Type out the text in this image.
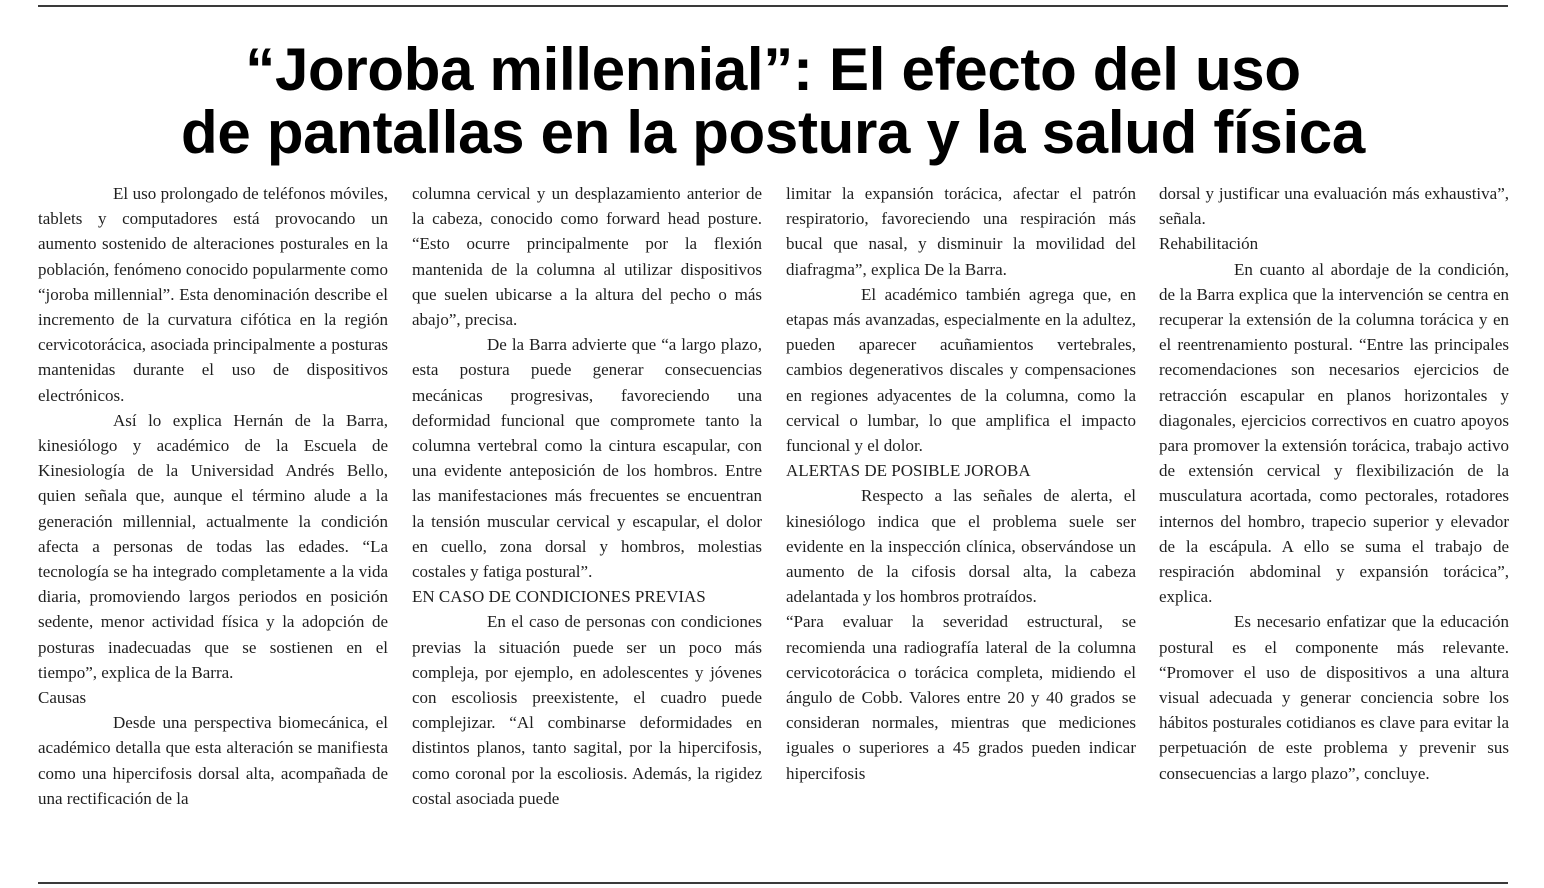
“Joroba millennial”: El efecto del uso
de pantallas en la postura y la salud física

El uso prolongado de teléfonos móviles, tablets y computadores está provocando un aumento sostenido de alteraciones posturales en la población, fenómeno conocido popularmente como “joroba millennial”. Esta denominación describe el incremento de la curvatura cifótica en la región cervicotorácica, asociada principalmente a posturas mantenidas durante el uso de dispositivos electrónicos.

Así lo explica Hernán de la Barra, kinesiólogo y académico de la Escuela de Kinesiología de la Universidad Andrés Bello, quien señala que, aunque el término alude a la generación millennial, actualmente la condición afecta a personas de todas las edades. “La tecnología se ha integrado completamente a la vida diaria, promoviendo largos periodos en posición sedente, menor actividad física y la adopción de posturas inadecuadas que se sostienen en el tiempo”, explica de la Barra.

Causas

Desde una perspectiva biomecánica, el académico detalla que esta alteración se manifiesta como una hipercifosis dorsal alta, acompañada de una rectificación de la

columna cervical y un desplazamiento anterior de la cabeza, conocido como forward head posture. “Esto ocurre principalmente por la flexión mantenida de la columna al utilizar dispositivos que suelen ubicarse a la altura del pecho o más abajo”, precisa.

De la Barra advierte que “a largo plazo, esta postura puede generar consecuencias mecánicas progresivas, favoreciendo una deformidad funcional que compromete tanto la columna vertebral como la cintura escapular, con una evidente anteposición de los hombros. Entre las manifestaciones más frecuentes se encuentran la tensión muscular cervical y escapular, el dolor en cuello, zona dorsal y hombros, molestias costales y fatiga postural”.

EN CASO DE CONDICIONES PREVIAS

En el caso de personas con condiciones previas la situación puede ser un poco más compleja, por ejemplo, en adolescentes y jóvenes con escoliosis preexistente, el cuadro puede complejizar. “Al combinarse deformidades en distintos planos, tanto sagital, por la hipercifosis, como coronal por la escoliosis. Además, la rigidez costal asociada puede

limitar la expansión torácica, afectar el patrón respiratorio, favoreciendo una respiración más bucal que nasal, y disminuir la movilidad del diafragma”, explica De la Barra.

El académico también agrega que, en etapas más avanzadas, especialmente en la adultez, pueden aparecer acuñamientos vertebrales, cambios degenerativos discales y compensaciones en regiones adyacentes de la columna, como la cervical o lumbar, lo que amplifica el impacto funcional y el dolor.

ALERTAS DE POSIBLE JOROBA

Respecto a las señales de alerta, el kinesiólogo indica que el problema suele ser evidente en la inspección clínica, observándose un aumento de la cifosis dorsal alta, la cabeza adelantada y los hombros protraídos.

“Para evaluar la severidad estructural, se recomienda una radiografía lateral de la columna cervicotorácica o torácica completa, midiendo el ángulo de Cobb. Valores entre 20 y 40 grados se consideran normales, mientras que mediciones iguales o superiores a 45 grados pueden indicar hipercifosis

dorsal y justificar una evaluación más exhaustiva”, señala.

Rehabilitación

En cuanto al abordaje de la condición, de la Barra explica que la intervención se centra en recuperar la extensión de la columna torácica y en el reentrenamiento postural. “Entre las principales recomendaciones son necesarios ejercicios de retracción escapular en planos horizontales y diagonales, ejercicios correctivos en cuatro apoyos para promover la extensión torácica, trabajo activo de extensión cervical y flexibilización de la musculatura acortada, como pectorales, rotadores internos del hombro, trapecio superior y elevador de la escápula. A ello se suma el trabajo de respiración abdominal y expansión torácica”, explica.

Es necesario enfatizar que la educación postural es el componente más relevante. “Promover el uso de dispositivos a una altura visual adecuada y generar conciencia sobre los hábitos posturales cotidianos es clave para evitar la perpetuación de este problema y prevenir sus consecuencias a largo plazo”, concluye.
